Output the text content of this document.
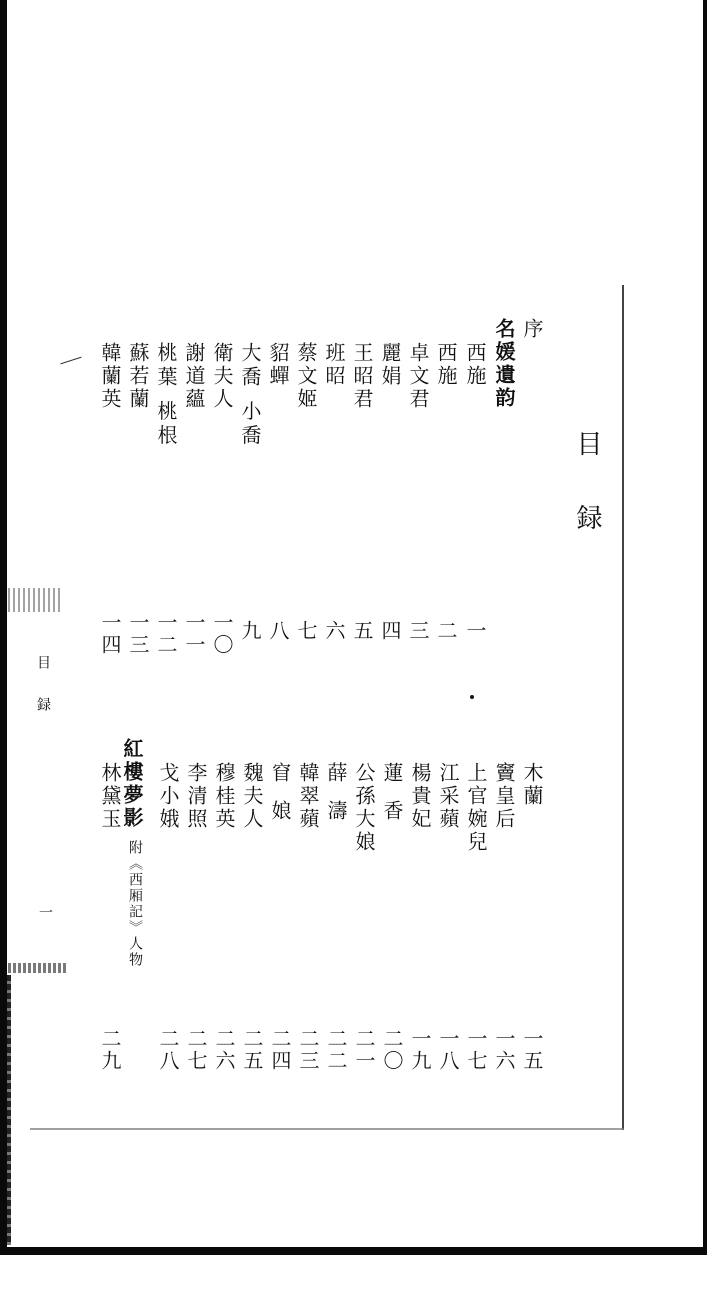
目録
序
名媛遺韵
西施
一
西施
二
卓文君
三
麗娟
四
王昭君
五
班昭
六
蔡文姬
七
貂蟬
八
大喬 小喬
九
衛夫人
一〇
謝道蘊
一一
桃葉 桃根
一二
蘇若蘭
一三
韓蘭英
一四
木蘭
一五
竇皇后
一六
上官婉兒
一七
江采蘋
一八
楊貴妃
一九
蓮香
二〇
公孫大娘
二一
薛濤
二二
韓翠蘋
二三
窅娘
二四
魏夫人
二五
穆桂英
二六
李清照
二七
戈小娥
二八
紅樓夢影
附《西厢記》人物
林黛玉
二九
目録
一
